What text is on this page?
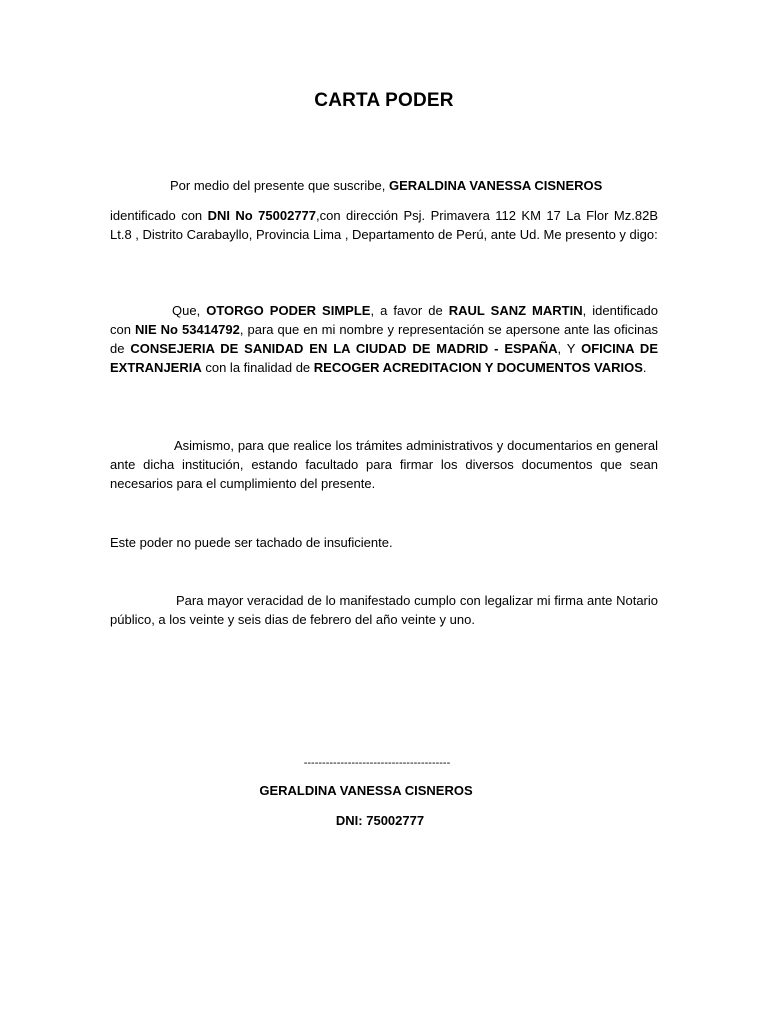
CARTA PODER
Por medio del presente que suscribe, GERALDINA VANESSA CISNEROS
identificado con DNI No 75002777,con dirección Psj. Primavera 112 KM 17 La Flor Mz.82B Lt.8 , Distrito Carabayllo, Provincia Lima , Departamento de Perú, ante Ud. Me presento y digo:
Que, OTORGO PODER SIMPLE, a favor de RAUL SANZ MARTIN, identificado con NIE No 53414792, para que en mi nombre y representación se apersone ante las oficinas de CONSEJERIA DE SANIDAD EN LA CIUDAD DE MADRID - ESPAÑA, Y OFICINA DE EXTRANJERIA con la finalidad de RECOGER ACREDITACION Y DOCUMENTOS VARIOS.
Asimismo, para que realice los trámites administrativos y documentarios en general ante dicha institución, estando facultado para firmar los diversos documentos que sean necesarios para el cumplimiento del presente.
Este poder no puede ser tachado de insuficiente.
Para mayor veracidad de lo manifestado cumplo con legalizar mi firma ante Notario público, a los veinte y seis dias de febrero del año veinte y uno.
----------------------------------------
GERALDINA VANESSA CISNEROS
DNI: 75002777
